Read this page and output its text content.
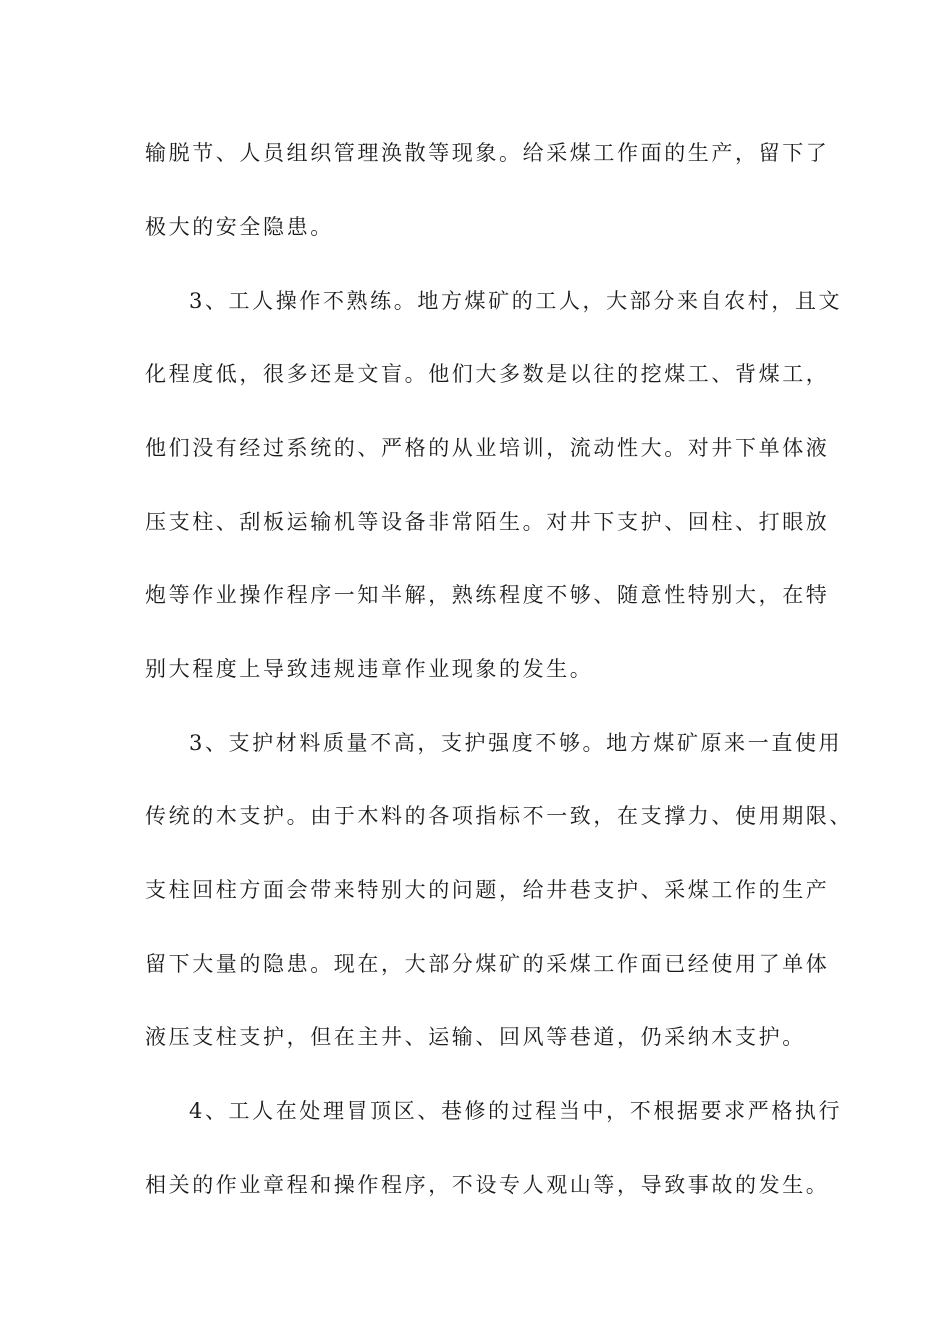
输脱节、人员组织管理涣散等现象。给采煤工作面的生产，留下了
极大的安全隐患。
3、工人操作不熟练。地方煤矿的工人，大部分来自农村，且文
化程度低，很多还是文盲。他们大多数是以往的挖煤工、背煤工，
他们没有经过系统的、严格的从业培训，流动性大。对井下单体液
压支柱、刮板运输机等设备非常陌生。对井下支护、回柱、打眼放
炮等作业操作程序一知半解，熟练程度不够、随意性特别大，在特
别大程度上导致违规违章作业现象的发生。
3、支护材料质量不高，支护强度不够。地方煤矿原来一直使用
传统的木支护。由于木料的各项指标不一致，在支撑力、使用期限、
支柱回柱方面会带来特别大的问题，给井巷支护、采煤工作的生产
留下大量的隐患。现在，大部分煤矿的采煤工作面已经使用了单体
液压支柱支护，但在主井、运输、回风等巷道，仍采纳木支护。
4、工人在处理冒顶区、巷修的过程当中，不根据要求严格执行
相关的作业章程和操作程序，不设专人观山等，导致事故的发生。
